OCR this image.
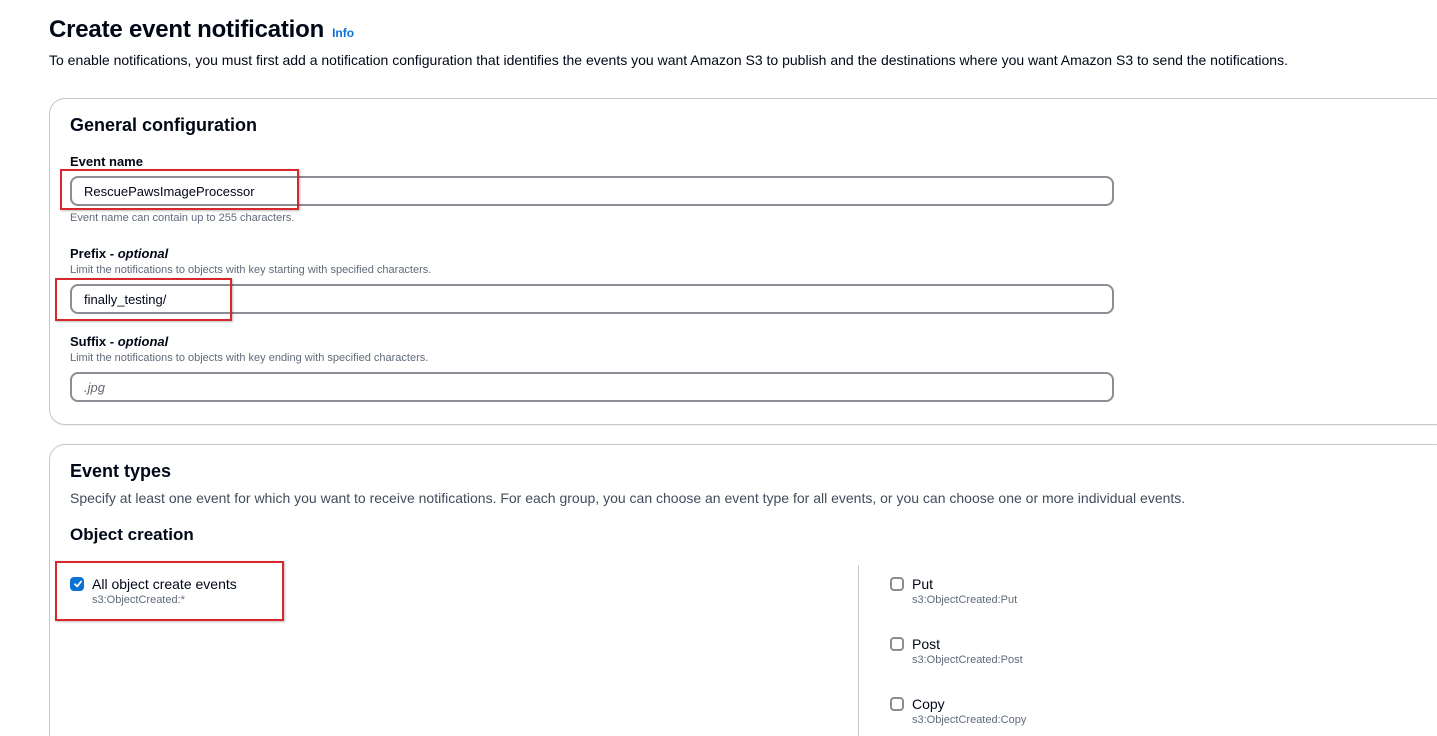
Create event notification Info
To enable notifications, you must first add a notification configuration that identifies the events you want Amazon S3 to publish and the destinations where you want Amazon S3 to send the notifications.
General configuration
Event name
RescuePawsImageProcessor
Event name can contain up to 255 characters.
Prefix - optional
Limit the notifications to objects with key starting with specified characters.
finally_testing/
Suffix - optional
Limit the notifications to objects with key ending with specified characters.
.jpg
Event types
Specify at least one event for which you want to receive notifications. For each group, you can choose an event type for all events, or you can choose one or more individual events.
Object creation
All object create events
s3:ObjectCreated:*
Put
s3:ObjectCreated:Put
Post
s3:ObjectCreated:Post
Copy
s3:ObjectCreated:Copy
